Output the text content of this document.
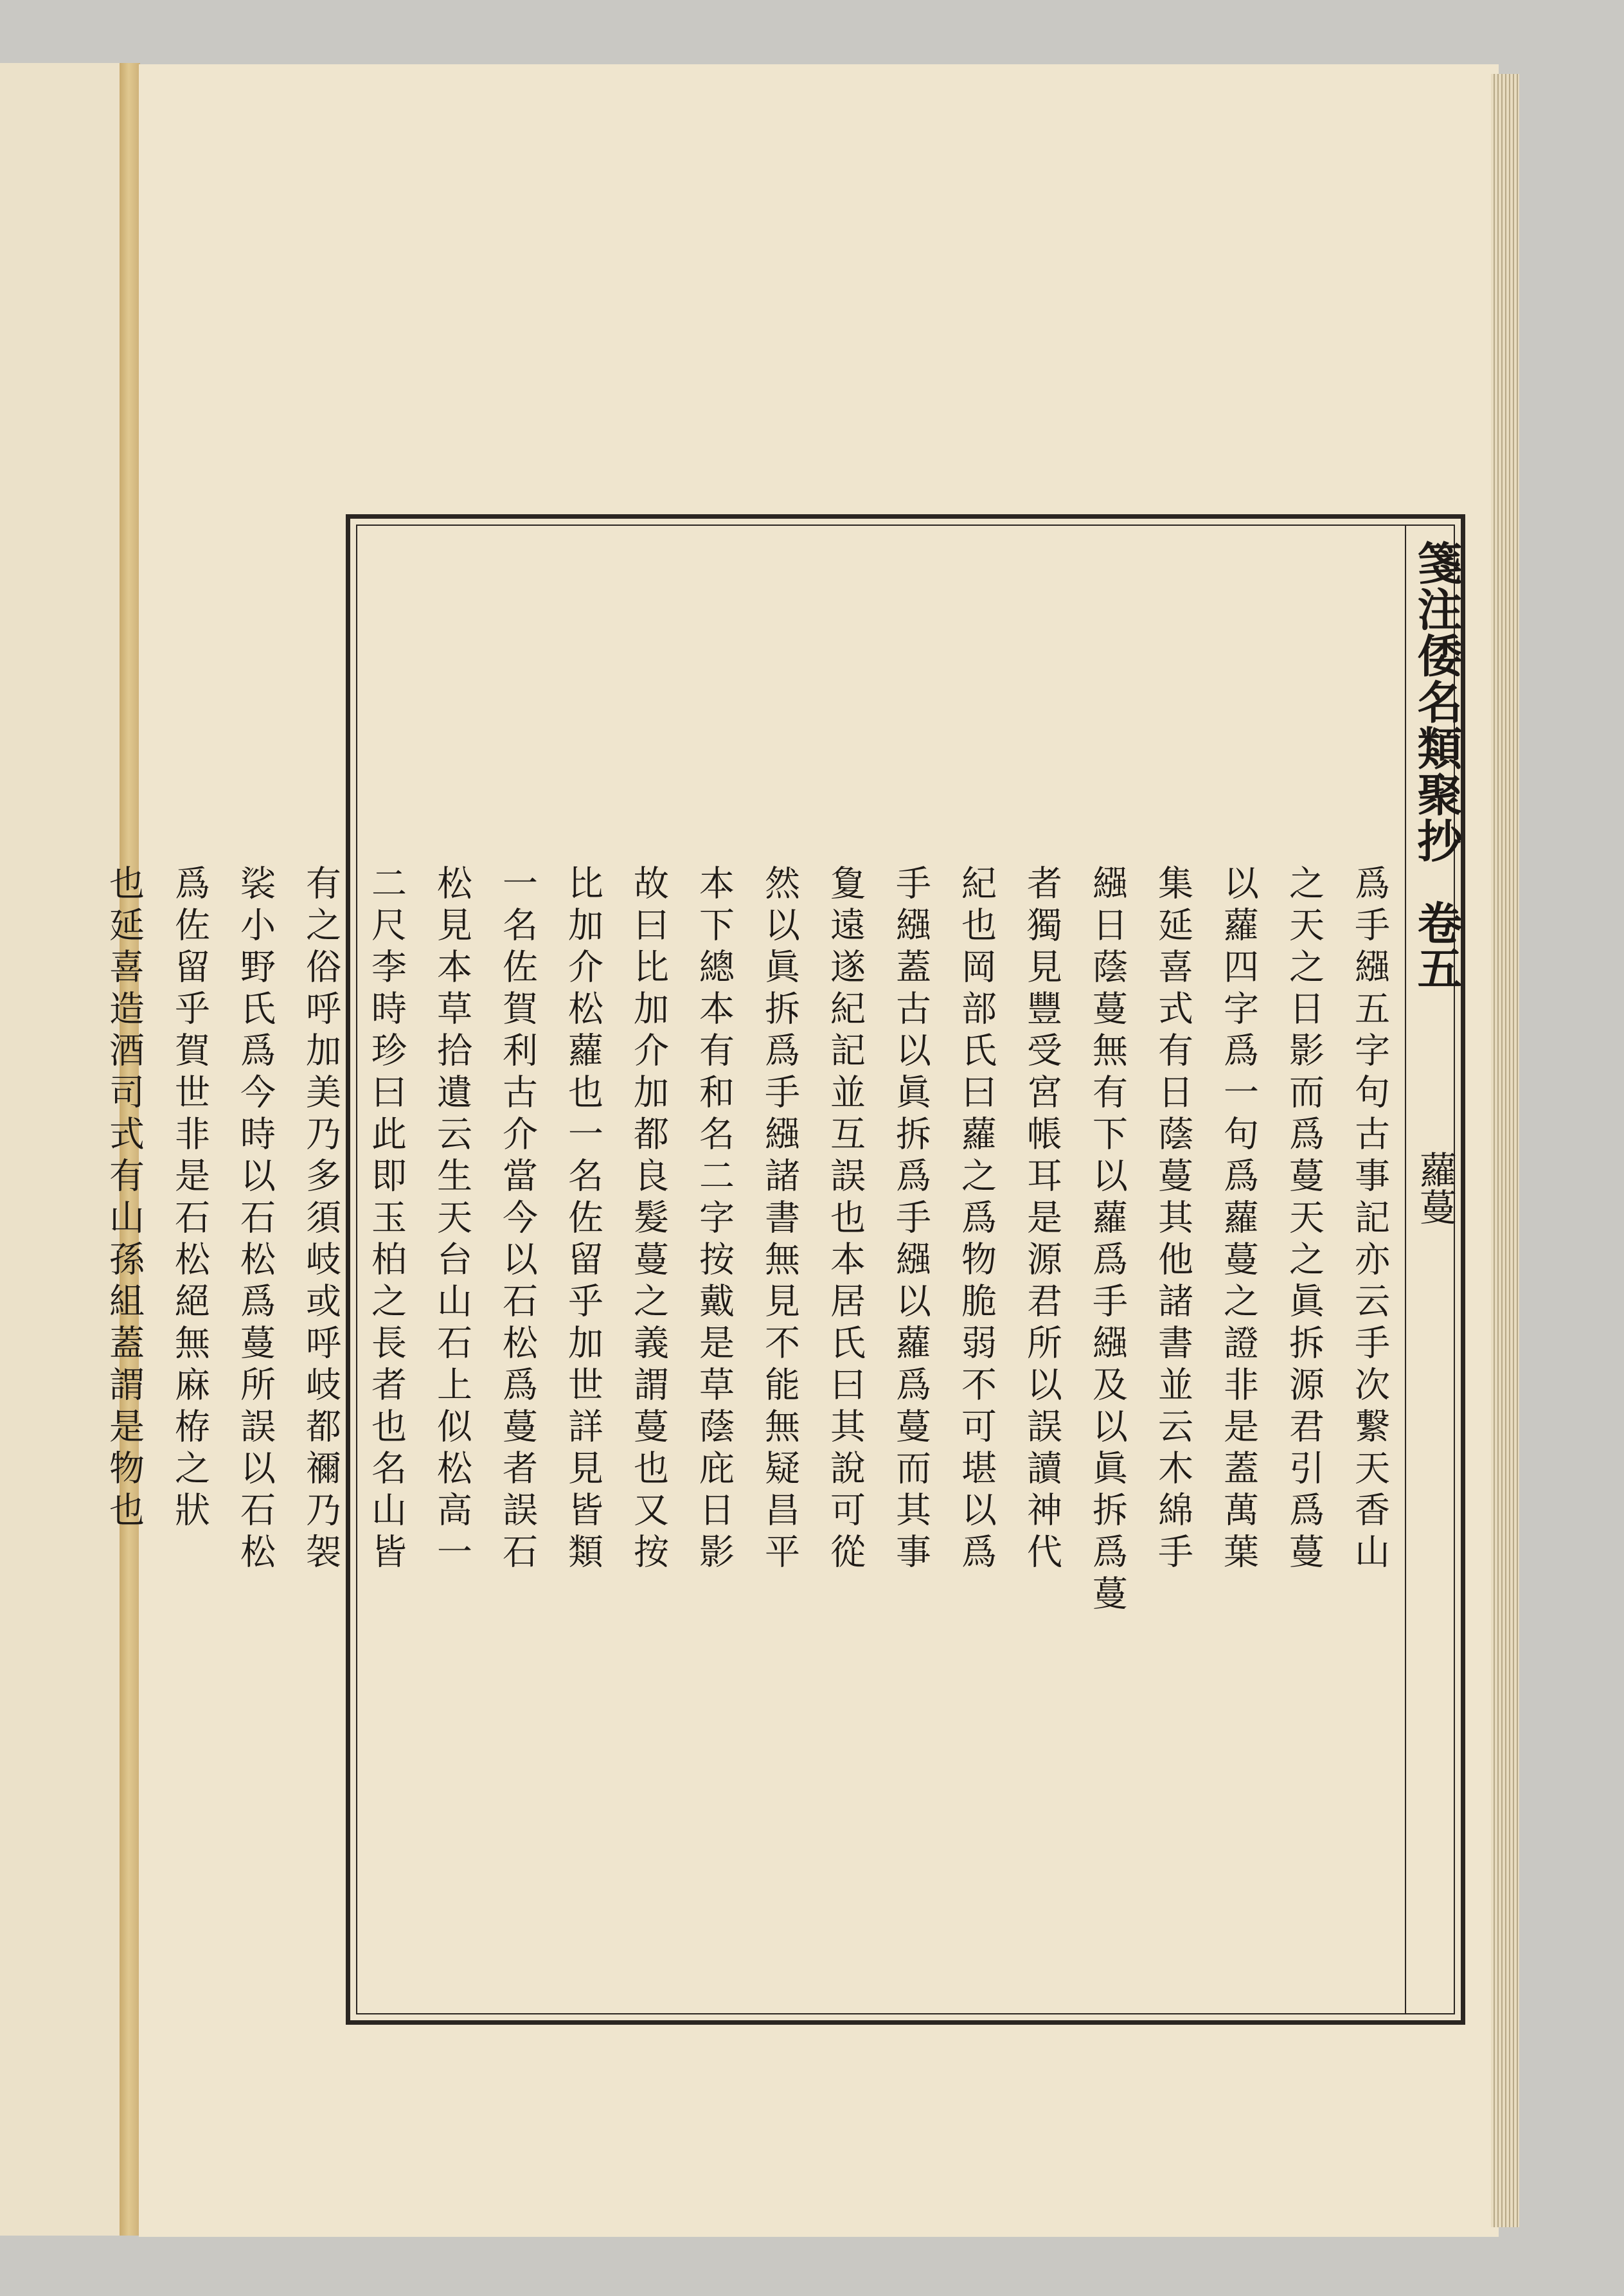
箋注倭名類聚抄
卷五
蘿蔓
爲手繦五字句古事記亦云手次繋天香山
之天之日影而爲蔓天之眞拆源君引爲蔓
以蘿四字爲一句爲蘿蔓之證非是蓋萬葉
集延喜式有日蔭蔓其他諸書並云木綿手
繦日蔭蔓無有下以蘿爲手繦及以眞拆爲蔓
者獨見豐受宮帳耳是源君所以誤讀神代
紀也岡部氏曰蘿之爲物脆弱不可堪以爲
手繦蓋古以眞拆爲手繦以蘿爲蔓而其事
夐遠遂紀記並互誤也本居氏曰其說可從
然以眞拆爲手繦諸書無見不能無疑昌平
本下總本有和名二字按戴是草蔭庇日影
故曰比加介加都良髮蔓之義謂蔓也又按
比加介松蘿也一名佐留乎加世詳見皆類
一名佐賀利古介當今以石松爲蔓者誤石
松見本草拾遺云生天台山石上似松高一
二尺李時珍曰此即玉柏之長者也名山皆
有之俗呼加美乃多須岐或呼岐都禰乃袈
裟小野氏爲今時以石松爲蔓所誤以石松
爲佐留乎賀世非是石松絕無麻栫之狀
也延喜造酒司式有山孫組蓋謂是物也
